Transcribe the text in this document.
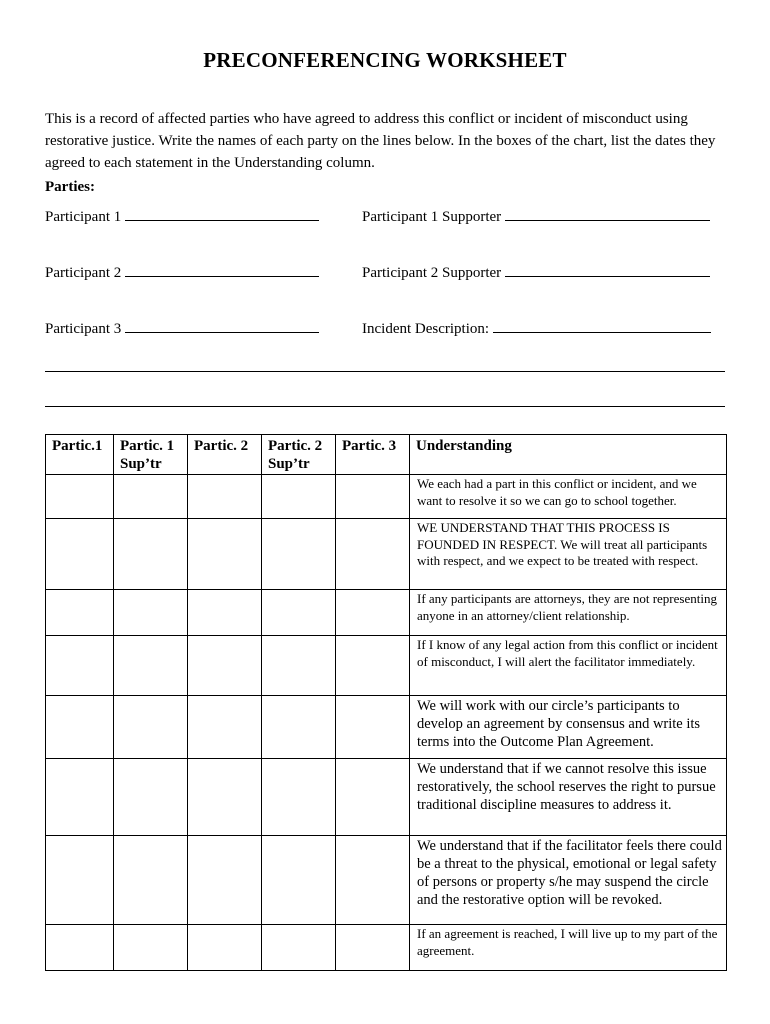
PRECONFERENCING WORKSHEET
This is a record of affected parties who have agreed to address this conflict or incident of misconduct using restorative justice. Write the names of each party on the lines below. In the boxes of the chart, list the dates they agreed to each statement in the Understanding column.
Parties:
Participant 1	Participant 1 Supporter
Participant 2	Participant 2 Supporter
Participant 3	Incident Description:
Partic.1	Partic. 1 Sup’tr	Partic. 2	Partic. 2 Sup’tr	Partic. 3	Understanding
					We each had a part in this conflict or incident, and we want to resolve it so we can go to school together.
					WE UNDERSTAND THAT THIS PROCESS IS FOUNDED IN RESPECT. We will treat all participants with respect, and we expect to be treated with respect.
					If any participants are attorneys, they are not representing anyone in an attorney/client relationship.
					If I know of any legal action from this conflict or incident of misconduct, I will alert the facilitator immediately.
					We will work with our circle’s participants to develop an agreement by consensus and write its terms into the Outcome Plan Agreement.
					We understand that if we cannot resolve this issue restoratively, the school reserves the right to pursue traditional discipline measures to address it.
					We understand that if the facilitator feels there could be a threat to the physical, emotional or legal safety of persons or property s/he may suspend the circle and the restorative option will be revoked.
					If an agreement is reached, I will live up to my part of the agreement.
